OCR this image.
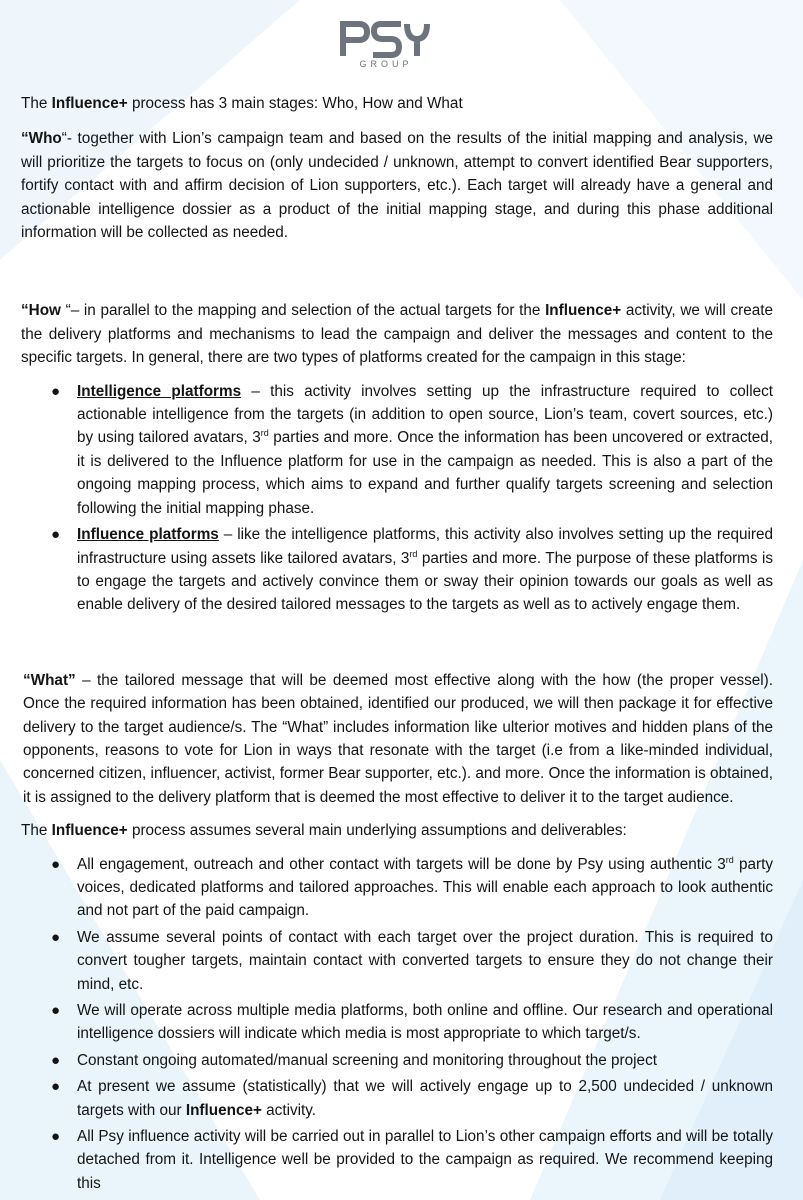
GROUP

The Influence+ process has 3 main stages: Who, How and What

“Who“- together with Lion’s campaign team and based on the results of the initial mapping and analysis, we will prioritize the targets to focus on (only undecided / unknown, attempt to convert identified Bear supporters, fortify contact with and affirm decision of Lion supporters, etc.). Each target will already have a general and actionable intelligence dossier as a product of the initial mapping stage, and during this phase additional information will be collected as needed.

“How “– in parallel to the mapping and selection of the actual targets for the Influence+ activity, we will create the delivery platforms and mechanisms to lead the campaign and deliver the messages and content to the specific targets. In general, there are two types of platforms created for the campaign in this stage:

● Intelligence platforms – this activity involves setting up the infrastructure required to collect actionable intelligence from the targets (in addition to open source, Lion’s team, covert sources, etc.) by using tailored avatars, 3rd parties and more. Once the information has been uncovered or extracted, it is delivered to the Influence platform for use in the campaign as needed. This is also a part of the ongoing mapping process, which aims to expand and further qualify targets screening and selection following the initial mapping phase.
● Influence platforms – like the intelligence platforms, this activity also involves setting up the required infrastructure using assets like tailored avatars, 3rd parties and more. The purpose of these platforms is to engage the targets and actively convince them or sway their opinion towards our goals as well as enable delivery of the desired tailored messages to the targets as well as to actively engage them.

“What” – the tailored message that will be deemed most effective along with the how (the proper vessel). Once the required information has been obtained, identified our produced, we will then package it for effective delivery to the target audience/s. The “What” includes information like ulterior motives and hidden plans of the opponents, reasons to vote for Lion in ways that resonate with the target (i.e from a like-minded individual, concerned citizen, influencer, activist, former Bear supporter, etc.). and more. Once the information is obtained, it is assigned to the delivery platform that is deemed the most effective to deliver it to the target audience.

The Influence+ process assumes several main underlying assumptions and deliverables:

● All engagement, outreach and other contact with targets will be done by Psy using authentic 3rd party voices, dedicated platforms and tailored approaches. This will enable each approach to look authentic and not part of the paid campaign.
● We assume several points of contact with each target over the project duration. This is required to convert tougher targets, maintain contact with converted targets to ensure they do not change their mind, etc.
● We will operate across multiple media platforms, both online and offline. Our research and operational intelligence dossiers will indicate which media is most appropriate to which target/s.
● Constant ongoing automated/manual screening and monitoring throughout the project
● At present we assume (statistically) that we will actively engage up to 2,500 undecided / unknown targets with our Influence+ activity.
● All Psy influence activity will be carried out in parallel to Lion’s other campaign efforts and will be totally detached from it. Intelligence well be provided to the campaign as required. We recommend keeping this
